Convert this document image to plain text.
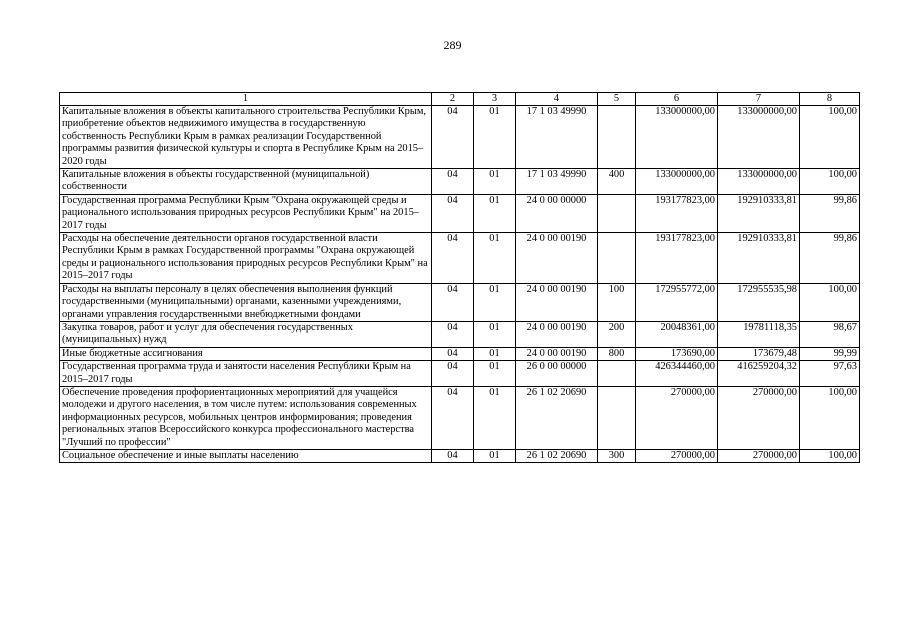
289
1	2	3	4	5	6	7	8
Капитальные вложения в объекты капитального строительства Республики Крым, приобретение объектов недвижимого имущества в государственную собственность Республики Крым в рамках реализации Государственной программы развития физической культуры и спорта в Республике Крым на 2015–2020 годы	04	01	17 1 03 49990		133000000,00	133000000,00	100,00
Капитальные вложения в объекты государственной (муниципальной) собственности	04	01	17 1 03 49990	400	133000000,00	133000000,00	100,00
Государственная программа Республики Крым "Охрана окружающей среды и рационального использования природных ресурсов Республики Крым" на 2015–2017 годы	04	01	24 0 00 00000		193177823,00	192910333,81	99,86
Расходы на обеспечение деятельности органов государственной власти Республики Крым в рамках Государственной программы "Охрана окружающей среды и рационального использования природных ресурсов Республики Крым" на 2015–2017 годы	04	01	24 0 00 00190		193177823,00	192910333,81	99,86
Расходы на выплаты персоналу в целях обеспечения выполнения функций государственными (муниципальными) органами, казенными учреждениями, органами управления государственными внебюджетными фондами	04	01	24 0 00 00190	100	172955772,00	172955535,98	100,00
Закупка товаров, работ и услуг для обеспечения государственных (муниципальных) нужд	04	01	24 0 00 00190	200	20048361,00	19781118,35	98,67
Иные бюджетные ассигнования	04	01	24 0 00 00190	800	173690,00	173679,48	99,99
Государственная программа труда и занятости населения Республики Крым на 2015–2017 годы	04	01	26 0 00 00000		426344460,00	416259204,32	97,63
Обеспечение проведения профориентационных мероприятий для учащейся молодежи и другого населения, в том числе путем: использования современных информационных ресурсов, мобильных центров информирования; проведения региональных этапов Всероссийского конкурса профессионального мастерства "Лучший по профессии"	04	01	26 1 02 20690		270000,00	270000,00	100,00
Социальное обеспечение и иные выплаты населению	04	01	26 1 02 20690	300	270000,00	270000,00	100,00
